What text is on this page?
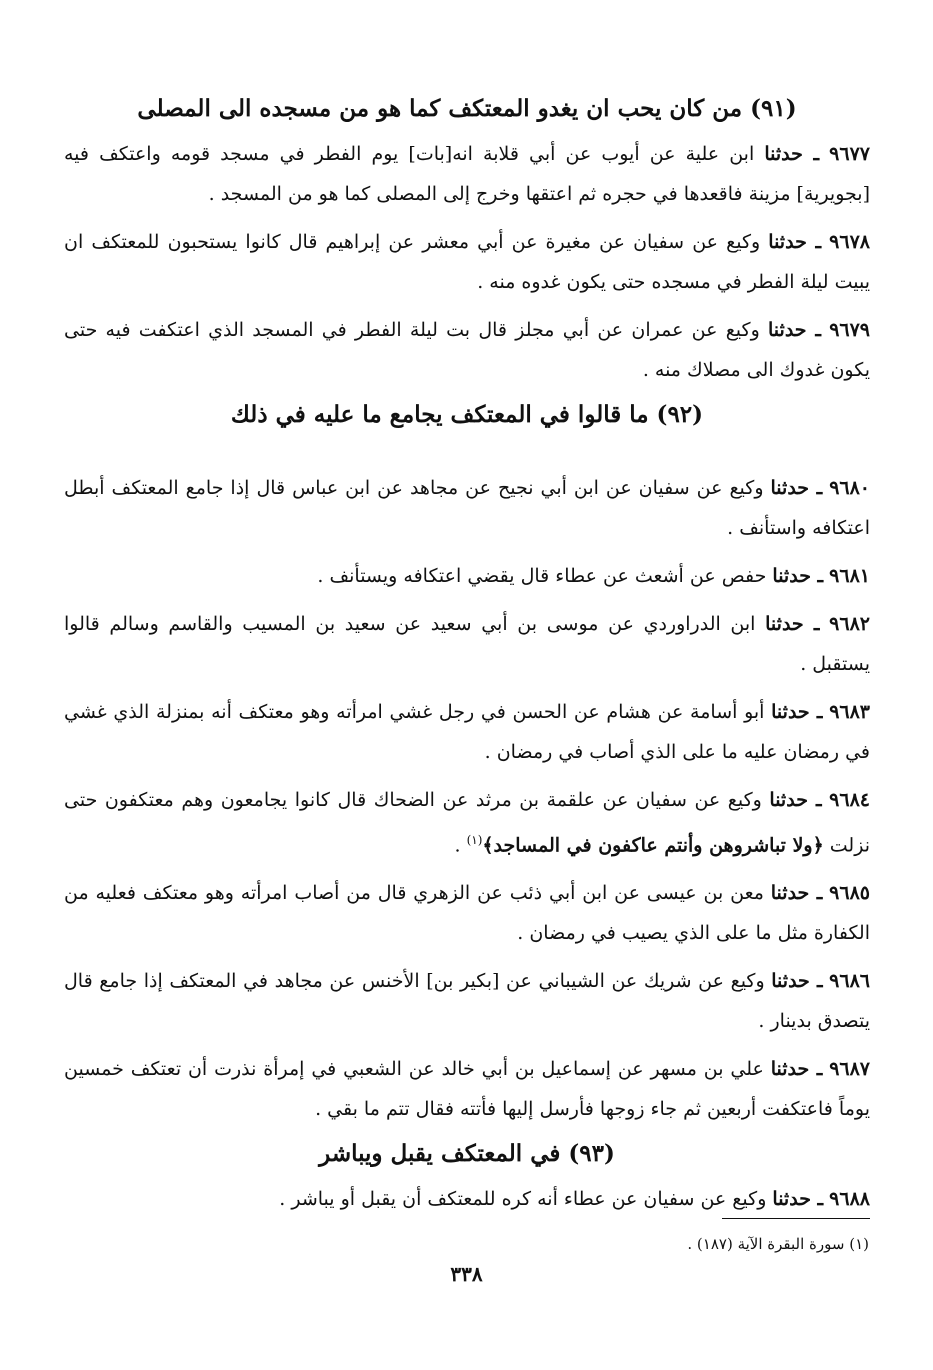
(٩١) من كان يحب ان يغدو المعتكف كما هو من مسجده الى المصلى

٩٦٧٧ ـ حدثنا ابن علية عن أيوب عن أبي قلابة انه[بات] يوم الفطر في مسجد قومه واعتكف فيه [بجويرية] مزينة فاقعدها في حجره ثم اعتقها وخرج إلى المصلى كما هو من المسجد .

٩٦٧٨ ـ حدثنا وكيع عن سفيان عن مغيرة عن أبي معشر عن إبراهيم قال كانوا يستحبون للمعتكف ان يبيت ليلة الفطر في مسجده حتى يكون غدوه منه .

٩٦٧٩ ـ حدثنا وكيع عن عمران عن أبي مجلز قال بت ليلة الفطر في المسجد الذي اعتكفت فيه حتى يكون غدوك الى مصلاك منه .

(٩٢) ما قالوا في المعتكف يجامع ما عليه في ذلك

٩٦٨٠ ـ حدثنا وكيع عن سفيان عن ابن أبي نجيح عن مجاهد عن ابن عباس قال إذا جامع المعتكف أبطل اعتكافه واستأنف .

٩٦٨١ ـ حدثنا حفص عن أشعث عن عطاء قال يقضي اعتكافه ويستأنف .

٩٦٨٢ ـ حدثنا ابن الدراوردي عن موسى بن أبي سعيد عن سعيد بن المسيب والقاسم وسالم قالوا يستقبل .

٩٦٨٣ ـ حدثنا أبو أسامة عن هشام عن الحسن في رجل غشي امرأته وهو معتكف أنه بمنزلة الذي غشي في رمضان عليه ما على الذي أصاب في رمضان .

٩٦٨٤ ـ حدثنا وكيع عن سفيان عن علقمة بن مرثد عن الضحاك قال كانوا يجامعون وهم معتكفون حتى نزلت ﴿ولا تباشروهن وأنتم عاكفون في المساجد﴾$^{(١)}$ .

٩٦٨٥ ـ حدثنا معن بن عيسى عن ابن أبي ذئب عن الزهري قال من أصاب امرأته وهو معتكف فعليه من الكفارة مثل ما على الذي يصيب في رمضان .

٩٦٨٦ ـ حدثنا وكيع عن شريك عن الشيباني عن [بكير بن] الأخنس عن مجاهد في المعتكف إذا جامع قال يتصدق بدينار .

٩٦٨٧ ـ حدثنا علي بن مسهر عن إسماعيل بن أبي خالد عن الشعبي في إمرأة نذرت أن تعتكف خمسين يوماً فاعتكفت أربعين ثم جاء زوجها فأرسل إليها فأتته فقال تتم ما بقي .

(٩٣) في المعتكف يقبل ويباشر

٩٦٨٨ ـ حدثنا وكيع عن سفيان عن عطاء أنه كره للمعتكف أن يقبل أو يباشر .

(١) سورة البقرة الآية (١٨٧) .
٣٣٨
